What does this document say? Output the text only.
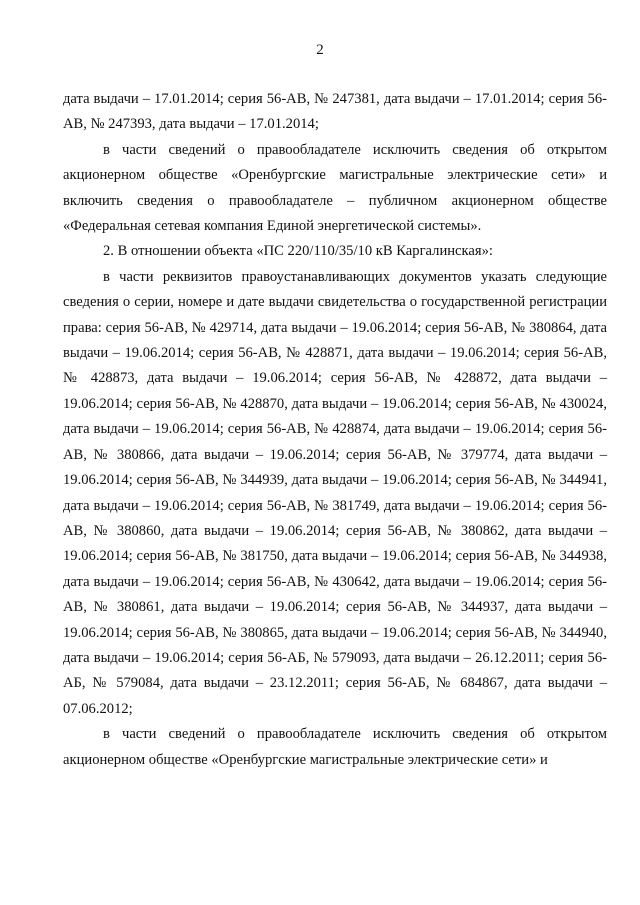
2

дата выдачи – 17.01.2014; серия 56-АВ, № 247381, дата выдачи – 17.01.2014; серия 56-АВ, № 247393, дата выдачи – 17.01.2014;

в части сведений о правообладателе исключить сведения об открытом акционерном обществе «Оренбургские магистральные электрические сети» и включить сведения о правообладателе – публичном акционерном обществе «Федеральная сетевая компания Единой энергетической системы».

2. В отношении объекта «ПС 220/110/35/10 кВ Каргалинская»:

в части реквизитов правоустанавливающих документов указать следующие сведения о серии, номере и дате выдачи свидетельства о государственной регистрации права: серия 56-АВ, № 429714, дата выдачи – 19.06.2014; серия 56-АВ, № 380864, дата выдачи – 19.06.2014; серия 56-АВ, № 428871, дата выдачи – 19.06.2014; серия 56-АВ, № 428873, дата выдачи – 19.06.2014; серия 56-АВ, № 428872, дата выдачи – 19.06.2014; серия 56-АВ, № 428870, дата выдачи – 19.06.2014; серия 56-АВ, № 430024, дата выдачи – 19.06.2014; серия 56-АВ, № 428874, дата выдачи – 19.06.2014; серия 56-АВ, № 380866, дата выдачи – 19.06.2014; серия 56-АВ, № 379774, дата выдачи – 19.06.2014; серия 56-АВ, № 344939, дата выдачи – 19.06.2014; серия 56-АВ, № 344941, дата выдачи – 19.06.2014; серия 56-АВ, № 381749, дата выдачи – 19.06.2014; серия 56-АВ, № 380860, дата выдачи – 19.06.2014; серия 56-АВ, № 380862, дата выдачи – 19.06.2014; серия 56-АВ, № 381750, дата выдачи – 19.06.2014; серия 56-АВ, № 344938, дата выдачи – 19.06.2014; серия 56-АВ, № 430642, дата выдачи – 19.06.2014; серия 56-АВ, № 380861, дата выдачи – 19.06.2014; серия 56-АВ, № 344937, дата выдачи – 19.06.2014; серия 56-АВ, № 380865, дата выдачи – 19.06.2014; серия 56-АВ, № 344940, дата выдачи – 19.06.2014; серия 56-АБ, № 579093, дата выдачи – 26.12.2011; серия 56-АБ, № 579084, дата выдачи – 23.12.2011; серия 56-АБ, № 684867, дата выдачи – 07.06.2012;

в части сведений о правообладателе исключить сведения об открытом акционерном обществе «Оренбургские магистральные электрические сети» и
